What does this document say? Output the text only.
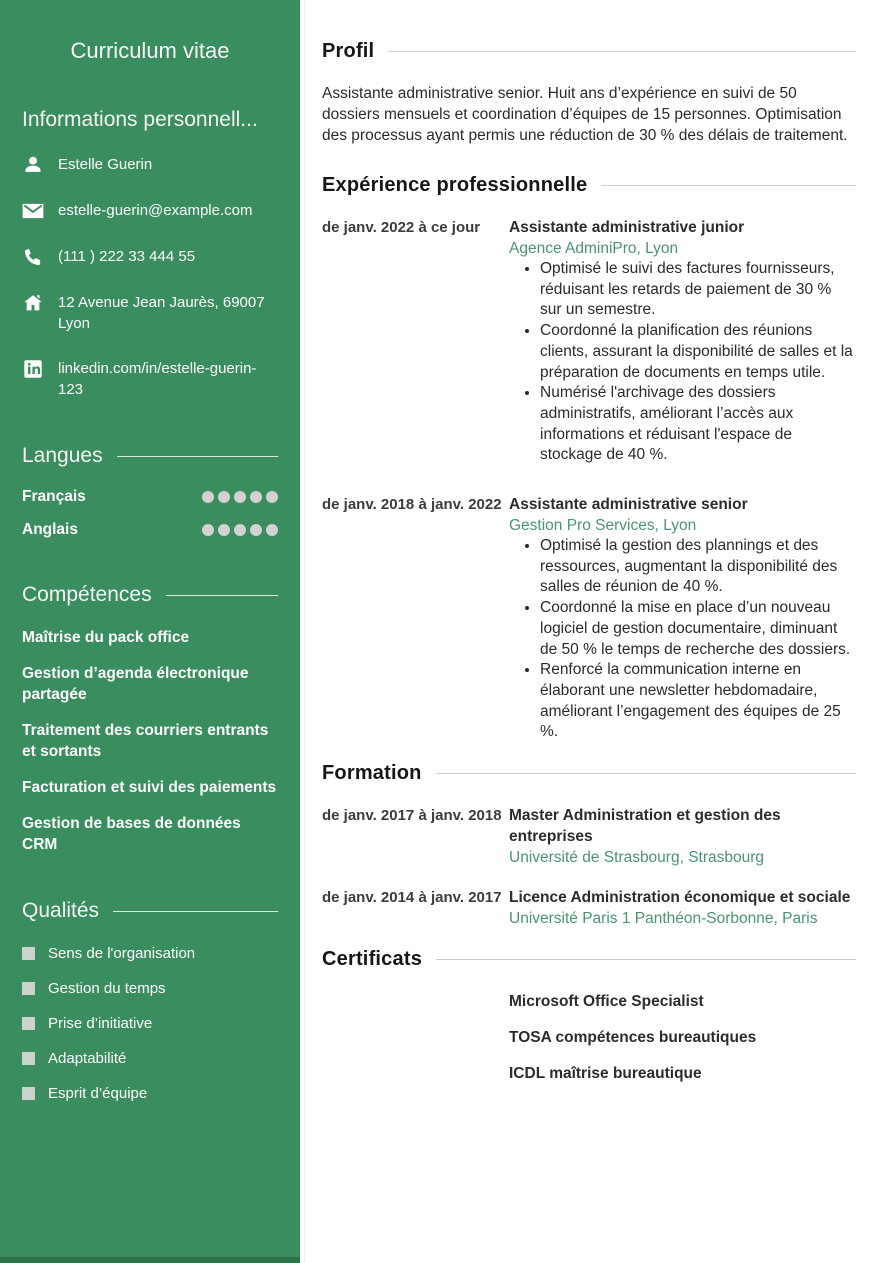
Curriculum vitae
Informations personnell...
Estelle Guerin
estelle-guerin@example.com
(111 ) 222 33 444 55
12 Avenue Jean Jaurès, 69007 Lyon
linkedin.com/in/estelle-guerin-123
Langues
Français
Anglais
Compétences
Maîtrise du pack office
Gestion d’agenda électronique partagée
Traitement des courriers entrants et sortants
Facturation et suivi des paiements
Gestion de bases de données CRM
Qualités
Sens de l'organisation
Gestion du temps
Prise d’initiative
Adaptabilité
Esprit d’équipe
Profil

Assistante administrative senior. Huit ans d’expérience en suivi de 50 dossiers mensuels et coordination d’équipes de 15 personnes. Optimisation des processus ayant permis une réduction de 30 % des délais de traitement.

Expérience professionnelle
de janv. 2022 à ce jour	Assistante administrative junior
Agence AdminiPro, Lyon
• Optimisé le suivi des factures fournisseurs, réduisant les retards de paiement de 30 % sur un semestre.
• Coordonné la planification des réunions clients, assurant la disponibilité de salles et la préparation de documents en temps utile.
• Numérisé l'archivage des dossiers administratifs, améliorant l’accès aux informations et réduisant l'espace de stockage de 40 %.
de janv. 2018 à janv. 2022 Assistante administrative senior
Gestion Pro Services, Lyon
• Optimisé la gestion des plannings et des ressources, augmentant la disponibilité des salles de réunion de 40 %.
• Coordonné la mise en place d’un nouveau logiciel de gestion documentaire, diminuant de 50 % le temps de recherche des dossiers.
• Renforcé la communication interne en élaborant une newsletter hebdomadaire, améliorant l’engagement des équipes de 25 %.
Formation
de janv. 2017 à janv. 2018 Master Administration et gestion des entreprises
Université de Strasbourg, Strasbourg
de janv. 2014 à janv. 2017 Licence Administration économique et sociale
Université Paris 1 Panthéon-Sorbonne, Paris
Certificats
Microsoft Office Specialist
TOSA compétences bureautiques
ICDL maîtrise bureautique
